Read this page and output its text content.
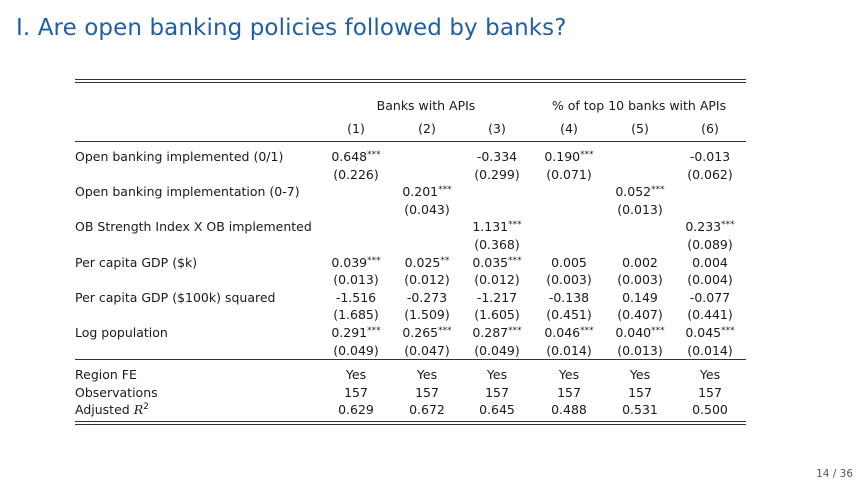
I. Are open banking policies followed by banks?

	Banks with APIs			% of top 10 banks with APIs		
	(1)	(2)	(3)	(4)	(5)	(6)
Open banking implemented (0/1)	0.648***		-0.334	0.190***		-0.013
	(0.226)		(0.299)	(0.071)		(0.062)
Open banking implementation (0-7)		0.201***			0.052***	
		(0.043)			(0.013)	
OB Strength Index X OB implemented			1.131***			0.233***
			(0.368)			(0.089)
Per capita GDP ($k)	0.039***	0.025**	0.035***	0.005	0.002	0.004
	(0.013)	(0.012)	(0.012)	(0.003)	(0.003)	(0.004)
Per capita GDP ($100k) squared	-1.516	-0.273	-1.217	-0.138	0.149	-0.077
	(1.685)	(1.509)	(1.605)	(0.451)	(0.407)	(0.441)
Log population	0.291***	0.265***	0.287***	0.046***	0.040***	0.045***
	(0.049)	(0.047)	(0.049)	(0.014)	(0.013)	(0.014)
Region FE	Yes	Yes	Yes	Yes	Yes	Yes
Observations	157	157	157	157	157	157
Adjusted $R^2$	0.629	0.672	0.645	0.488	0.531	0.500
14 / 36
